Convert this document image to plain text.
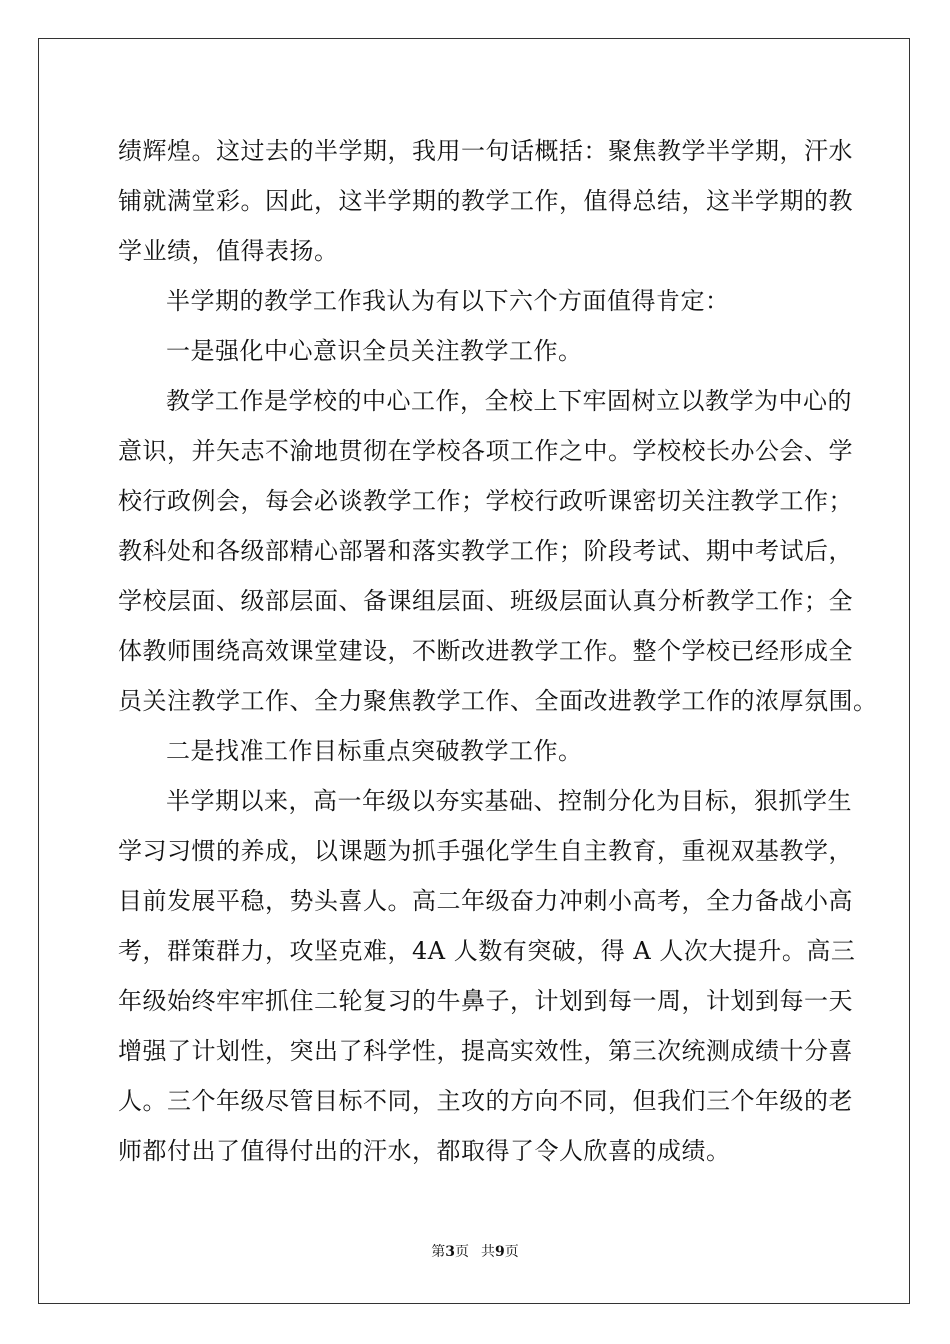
绩辉煌。这过去的半学期，我用一句话概括：聚焦教学半学期，汗水
铺就满堂彩。因此，这半学期的教学工作，值得总结，这半学期的教
学业绩，值得表扬。
半学期的教学工作我认为有以下六个方面值得肯定：
一是强化中心意识全员关注教学工作。
教学工作是学校的中心工作，全校上下牢固树立以教学为中心的
意识，并矢志不渝地贯彻在学校各项工作之中。学校校长办公会、学
校行政例会，每会必谈教学工作；学校行政听课密切关注教学工作；
教科处和各级部精心部署和落实教学工作；阶段考试、期中考试后，
学校层面、级部层面、备课组层面、班级层面认真分析教学工作；全
体教师围绕高效课堂建设，不断改进教学工作。整个学校已经形成全
员关注教学工作、全力聚焦教学工作、全面改进教学工作的浓厚氛围。
二是找准工作目标重点突破教学工作。
半学期以来，高一年级以夯实基础、控制分化为目标，狠抓学生
学习习惯的养成，以课题为抓手强化学生自主教育，重视双基教学，
目前发展平稳，势头喜人。高二年级奋力冲刺小高考，全力备战小高
考，群策群力，攻坚克难，4A 人数有突破，得 A 人次大提升。高三
年级始终牢牢抓住二轮复习的牛鼻子，计划到每一周，计划到每一天
增强了计划性，突出了科学性，提高实效性，第三次统测成绩十分喜
人。三个年级尽管目标不同，主攻的方向不同，但我们三个年级的老
师都付出了值得付出的汗水，都取得了令人欣喜的成绩。
第3页 共9页
